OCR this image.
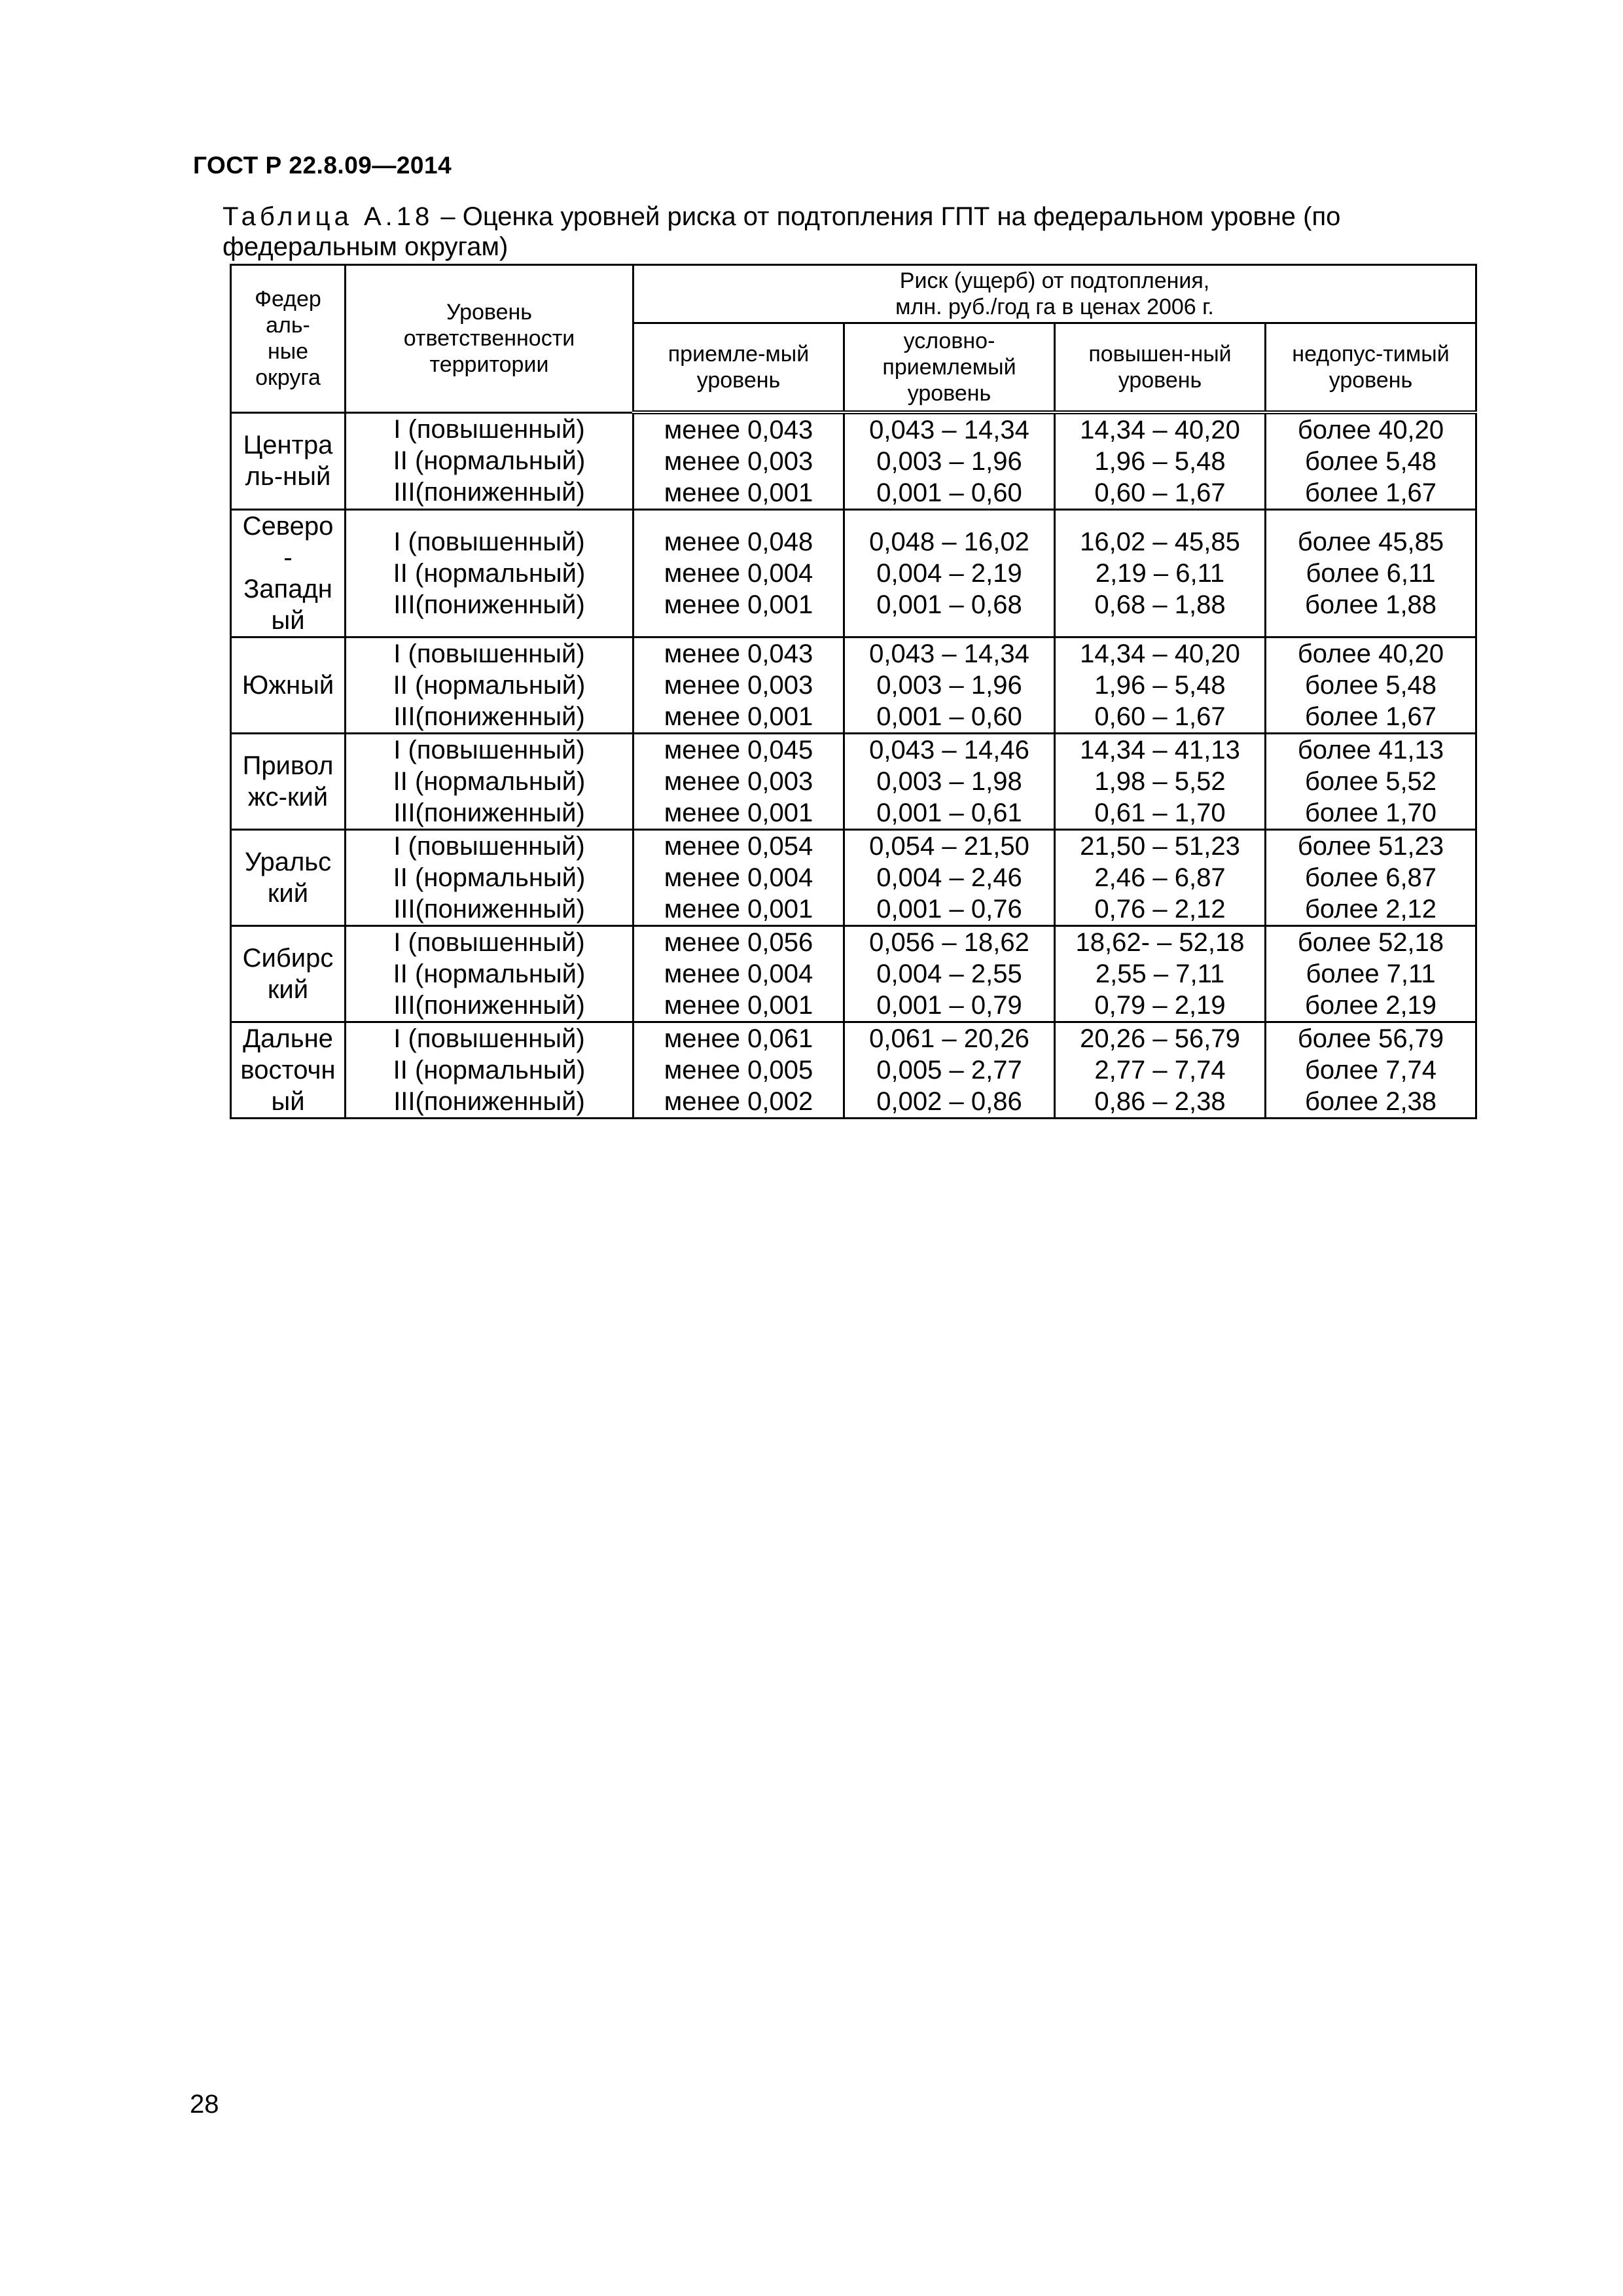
ГОСТ Р 22.8.09—2014
Таблица А.18 – Оценка уровней риска от подтопления ГПТ на федеральном уровне (по федеральным округам)
Федер
аль-
ные
округа	Уровень
ответственности
территории	Риск (ущерб) от подтопления,
млн. руб./год га в ценах 2006 г.			

		приемле-мый
уровень	условно-
приемлемый
уровень	повышен-ный
уровень	недопус-тимый
уровень

Центра
ль-ный	I (повышенный)
II (нормальный)
III(пониженный)	менее 0,043
менее 0,003
менее 0,001	0,043 – 14,34
0,003 – 1,96
0,001 – 0,60	14,34 – 40,20
1,96 – 5,48
0,60 – 1,67	более 40,20
более 5,48
более 1,67

Северо
-
Западн
ый	I (повышенный)
II (нормальный)
III(пониженный)	менее 0,048
менее 0,004
менее 0,001	0,048 – 16,02
0,004 – 2,19
0,001 – 0,68	16,02 – 45,85
2,19 – 6,11
0,68 – 1,88	более 45,85
более 6,11
более 1,88

Южный	I (повышенный)
II (нормальный)
III(пониженный)	менее 0,043
менее 0,003
менее 0,001	0,043 – 14,34
0,003 – 1,96
0,001 – 0,60	14,34 – 40,20
1,96 – 5,48
0,60 – 1,67	более 40,20
более 5,48
более 1,67

Привол
жс-кий	I (повышенный)
II (нормальный)
III(пониженный)	менее 0,045
менее 0,003
менее 0,001	0,043 – 14,46
0,003 – 1,98
0,001 – 0,61	14,34 – 41,13
1,98 – 5,52
0,61 – 1,70	более 41,13
более 5,52
более 1,70

Уральс
кий	I (повышенный)
II (нормальный)
III(пониженный)	менее 0,054
менее 0,004
менее 0,001	0,054 – 21,50
0,004 – 2,46
0,001 – 0,76	21,50 – 51,23
2,46 – 6,87
0,76 – 2,12	более 51,23
более 6,87
более 2,12

Сибирс
кий	I (повышенный)
II (нормальный)
III(пониженный)	менее 0,056
менее 0,004
менее 0,001	0,056 – 18,62
0,004 – 2,55
0,001 – 0,79	18,62- – 52,18
2,55 – 7,11
0,79 – 2,19	более 52,18
более 7,11
более 2,19

Дальне
восточн
ый	I (повышенный)
II (нормальный)
III(пониженный)	менее 0,061
менее 0,005
менее 0,002	0,061 – 20,26
0,005 – 2,77
0,002 – 0,86	20,26 – 56,79
2,77 – 7,74
0,86 – 2,38	более 56,79
более 7,74
более 2,38
28
